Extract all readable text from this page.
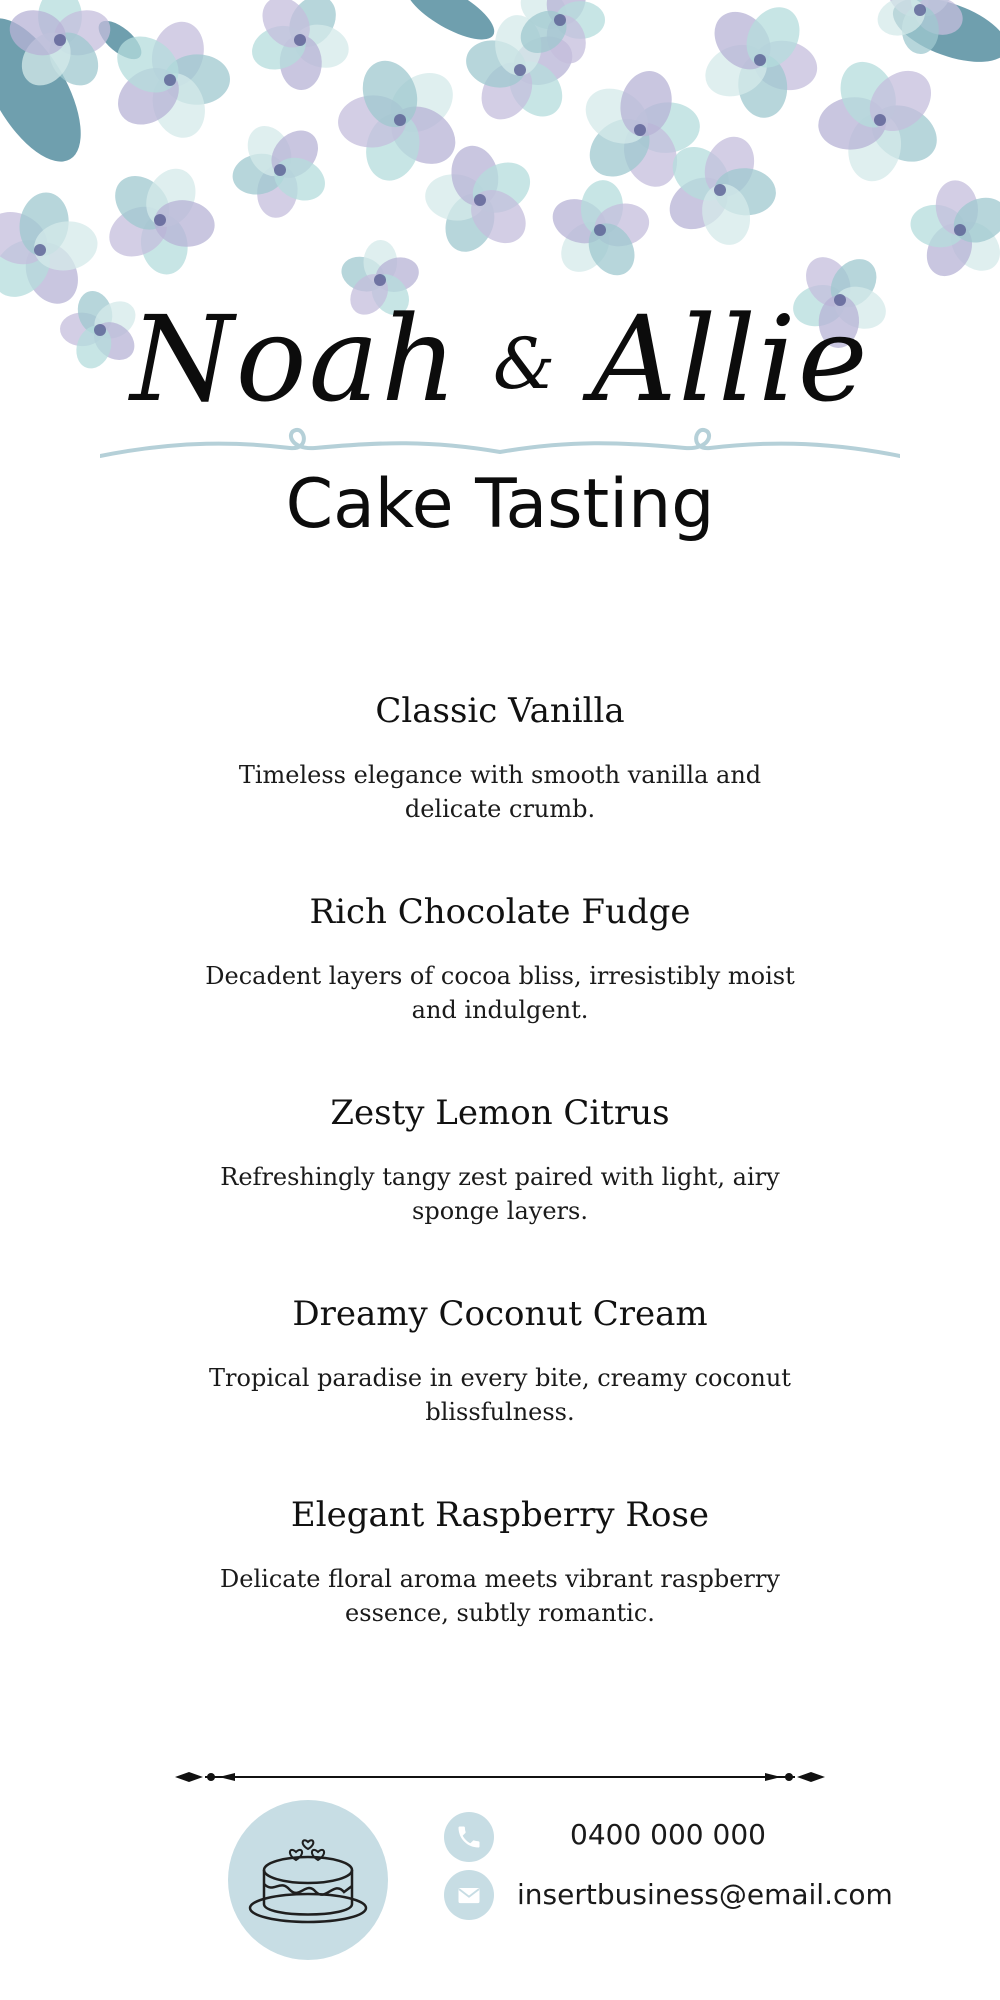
Noah & Allie
Cake Tasting
Classic Vanilla

Timeless elegance with smooth vanilla and delicate crumb.

Rich Chocolate Fudge

Decadent layers of cocoa bliss, irresistibly moist and indulgent.

Zesty Lemon Citrus

Refreshingly tangy zest paired with light, airy sponge layers.

Dreamy Coconut Cream

Tropical paradise in every bite, creamy coconut blissfulness.

Elegant Raspberry Rose

Delicate floral aroma meets vibrant raspberry essence, subtly romantic.

0400 000 000
insertbusiness@email.com
